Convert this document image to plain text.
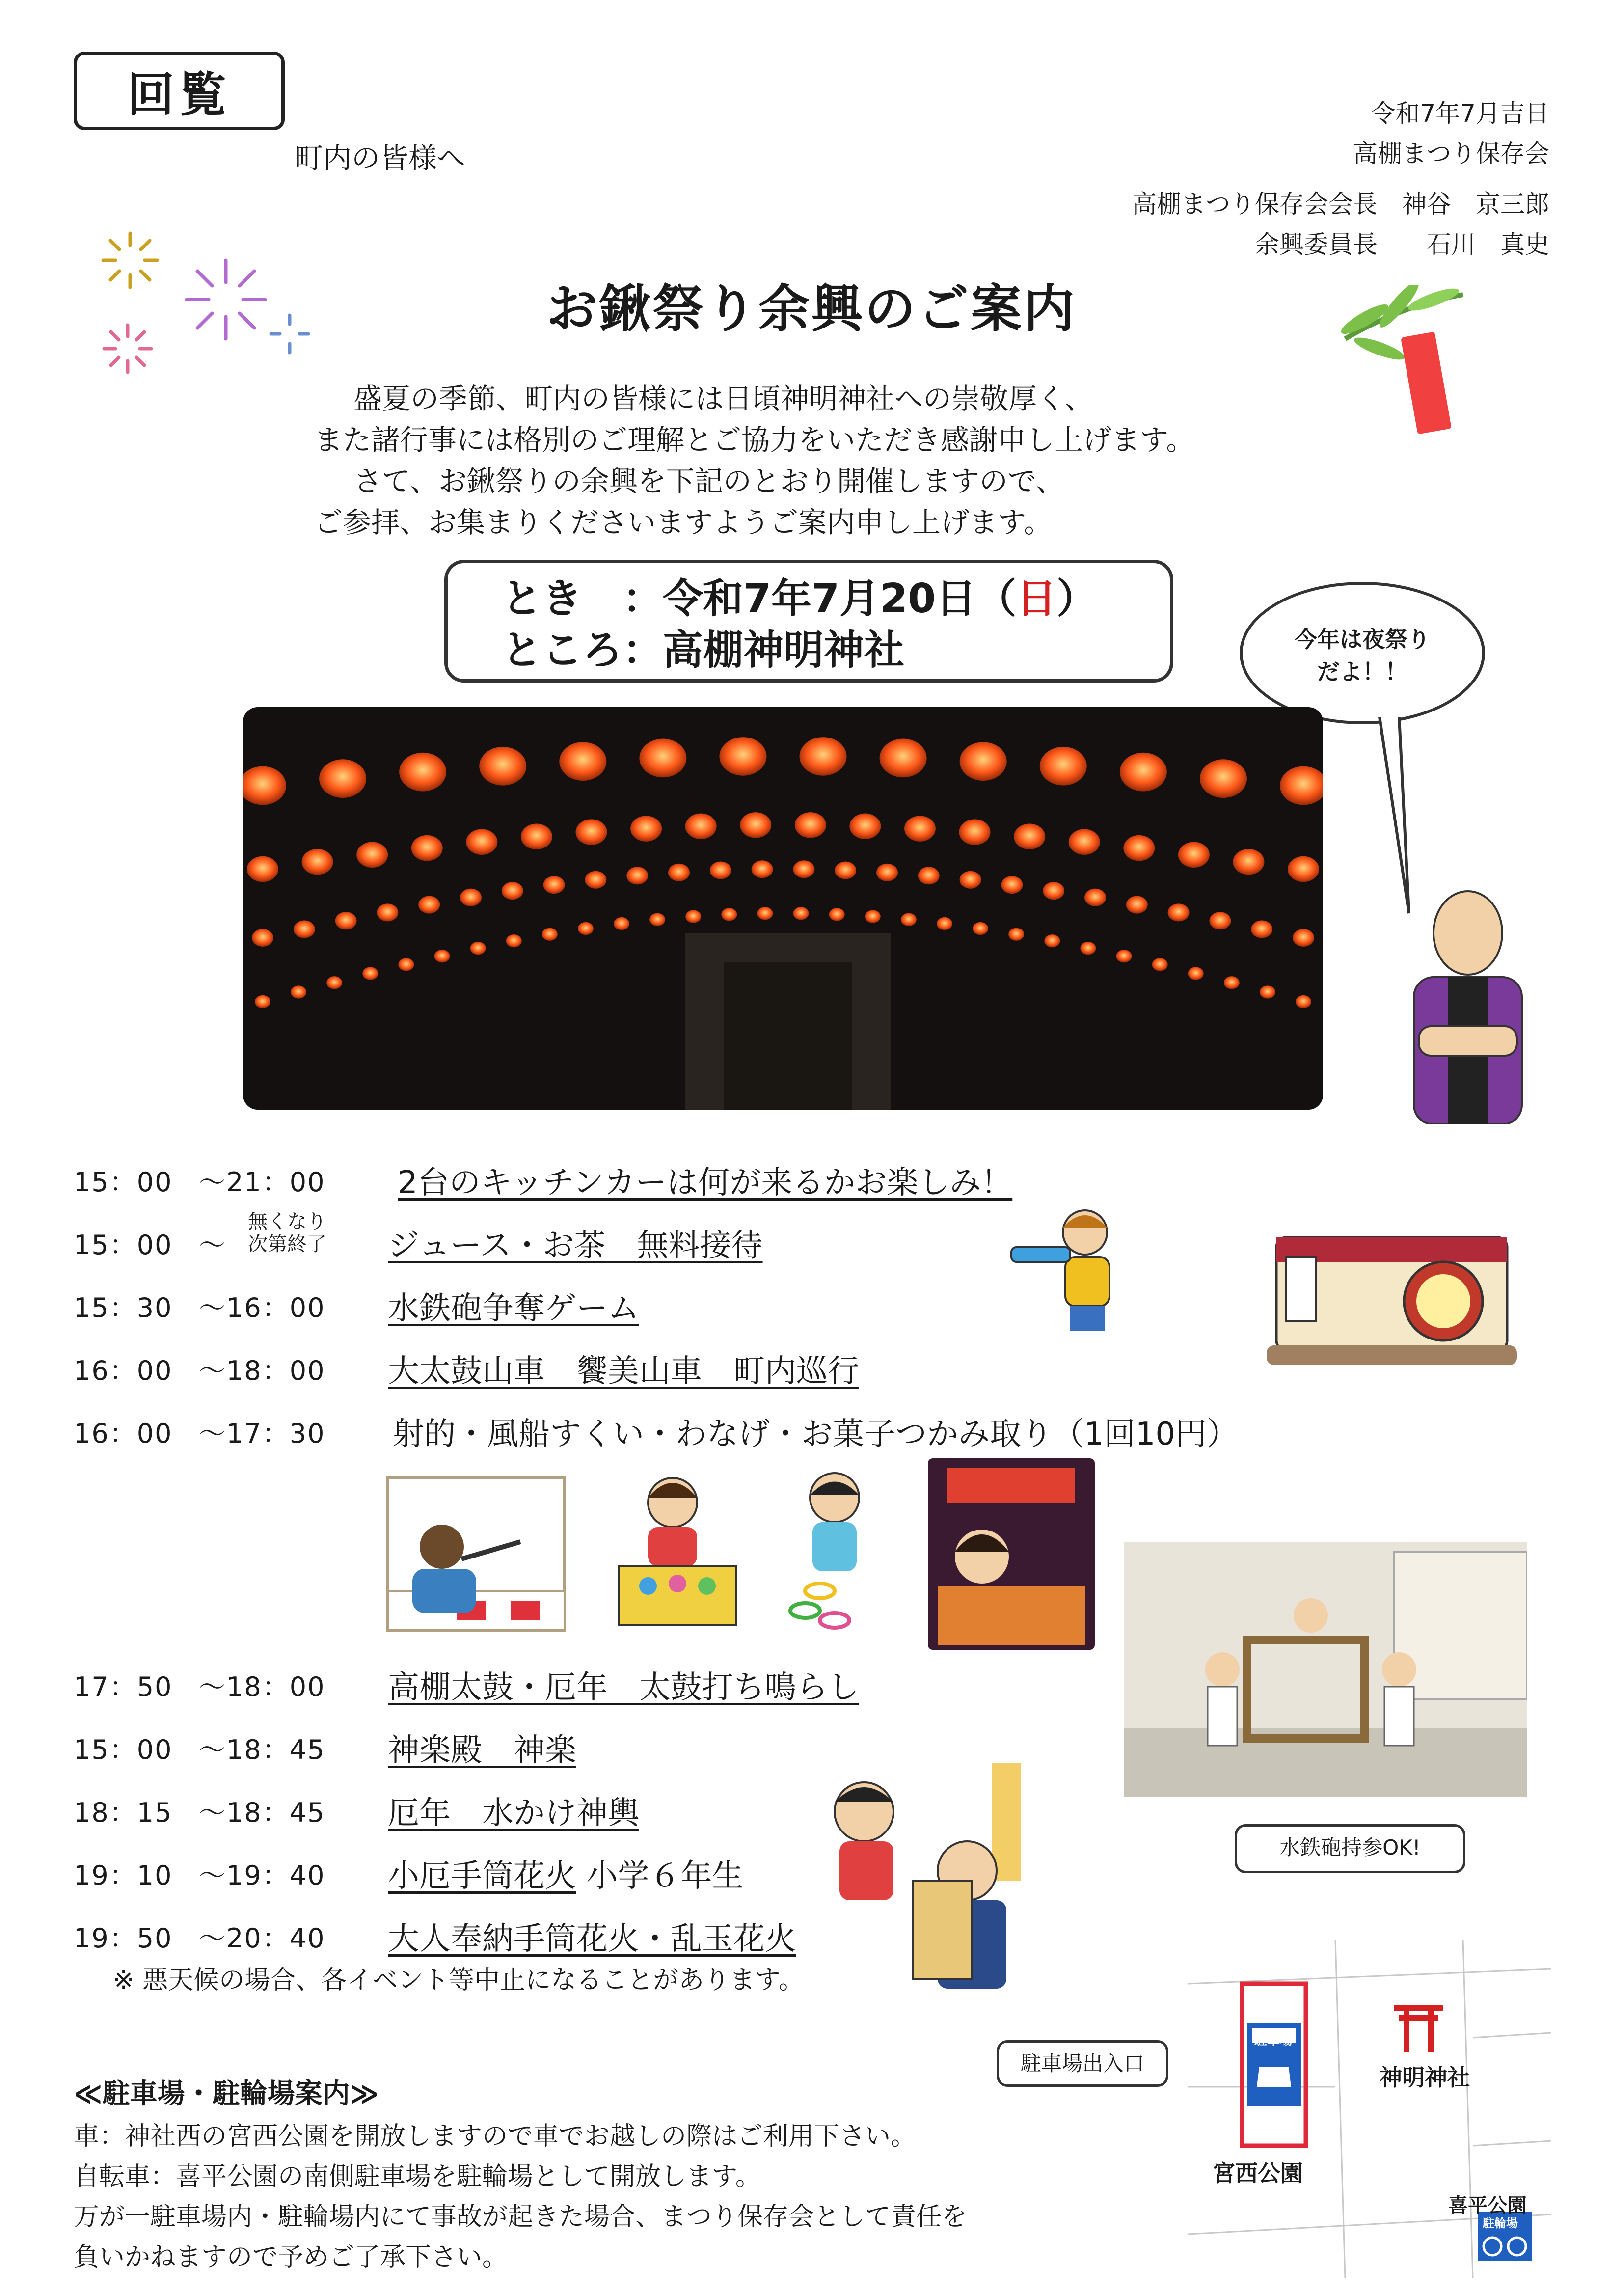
回覧
町内の皆様へ
令和7年7月吉日
高棚まつり保存会
高棚まつり保存会会長　神谷　京三郎
余興委員長　　石川　真史
お鍬祭り余興のご案内
盛夏の季節、町内の皆様には日頃神明神社への崇敬厚く、
また諸行事には格別のご理解とご協力をいただき感謝申し上げます。
さて、お鍬祭りの余興を下記のとおり開催しますので、
ご参拝、お集まりくださいますようご案内申し上げます。
とき　：令和7年7月20日（日）
ところ：高棚神明神社	今年は夜祭り
だよ！！
15：00 ～21：00 2台のキッチンカーは何が来るかお楽しみ！
15：00 ～
無くなり
次第終了 ジュース・お茶　無料接待
15：30 ～16：00 水鉄砲争奪ゲーム
16：00 ～18：00 大太鼓山車　饗美山車　町内巡行
16：00 ～17：30 射的・風船すくい・わなげ・お菓子つかみ取り（1回10円）
17：50 ～18：00 高棚太鼓・厄年　太鼓打ち鳴らし
15：00 ～18：45 神楽殿　神楽
18：15 ～18：45 厄年　水かけ神輿
19：10 ～19：40 小厄手筒花火 小学６年生
19：50 ～20：40 大人奉納手筒花火・乱玉花火
水鉄砲持参OK!
※ 悪天候の場合、各イベント等中止になることがあります。
≪駐車場・駐輪場案内≫
車：神社西の宮西公園を開放しますので車でお越しの際はご利用下さい。
自転車：喜平公園の南側駐車場を駐輪場として開放します。
万が一駐車場内・駐輪場内にて事故が起きた場合、まつり保存会として責任を
負いかねますので予めご了承下さい。
駐車場出入口
神明神社
宮西公園
喜平公園
駐車場
駐輪場
